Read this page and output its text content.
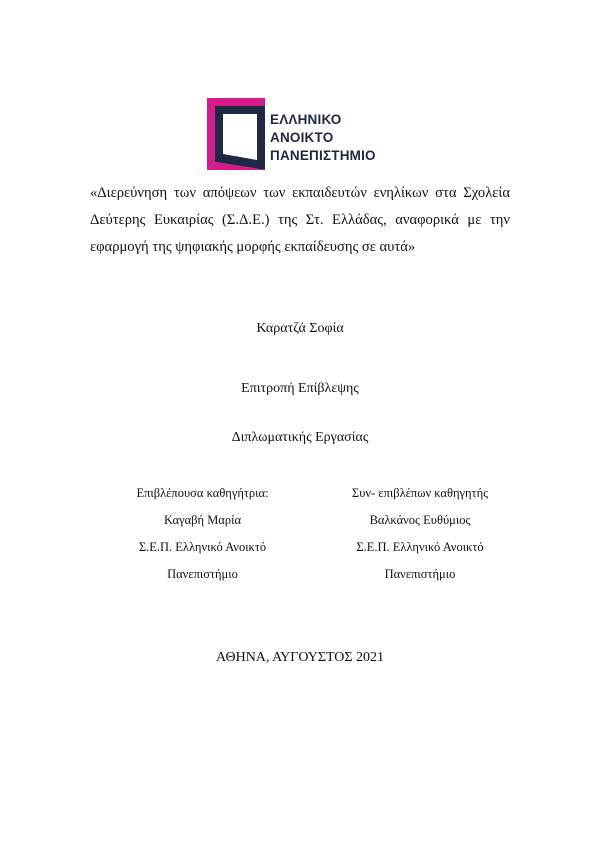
ΕΛΛΗΝΙΚΟ
ΑΝΟΙΚΤΟ
ΠΑΝΕΠΙΣΤΗΜΙΟ
«Διερεύνηση των απόψεων των εκπαιδευτών ενηλίκων στα Σχολεία Δεύτερης Ευκαιρίας (Σ.Δ.Ε.) της Στ. Ελλάδας, αναφορικά με την εφαρμογή της ψηφιακής μορφής εκπαίδευσης σε αυτά»
Καρατζά Σοφία
Επιτροπή Επίβλεψης
Διπλωματικής Εργασίας
Επιβλέπουσα καθηγήτρια:
Καγαβή Μαρία
Σ.Ε.Π. Ελληνικό Ανοικτό
Πανεπιστήμιο
Συν- επιβλέπων καθηγητής
Βαλκάνος Ευθύμιος
Σ.Ε.Π. Ελληνικό Ανοικτό
Πανεπιστήμιο
ΑΘΗΝΑ, ΑΥΓΟΥΣΤΟΣ 2021
